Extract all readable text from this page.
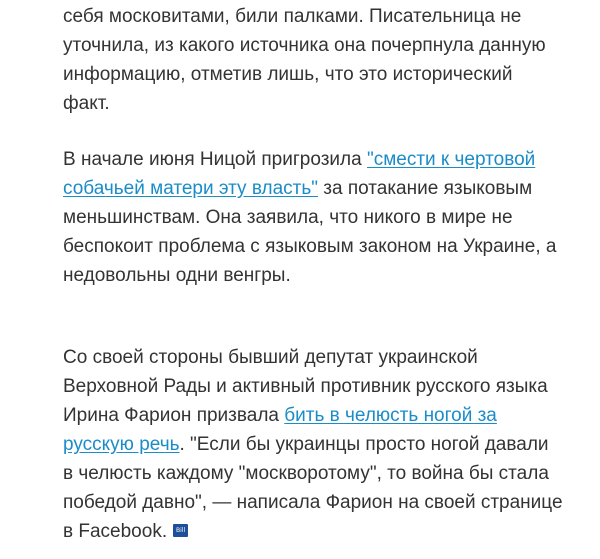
себя московитами, били палками. Писательница не уточнила, из какого источника она почерпнула данную информацию, отметив лишь, что это исторический факт.

В начале июня Ницой пригрозила "смести к чертовой собачьей матери эту власть" за потакание языковым меньшинствам. Она заявила, что никого в мире не беспокоит проблема с языковым законом на Украине, а недовольны одни венгры.

Со своей стороны бывший депутат украинской Верховной Рады и активный противник русского языка Ирина Фарион призвала бить в челюсть ногой за русскую речь. "Если бы украинцы просто ногой давали в челюсть каждому "москворотому", то война бы стала победой давно", — написала Фарион на своей странице в Facebook. Bill
